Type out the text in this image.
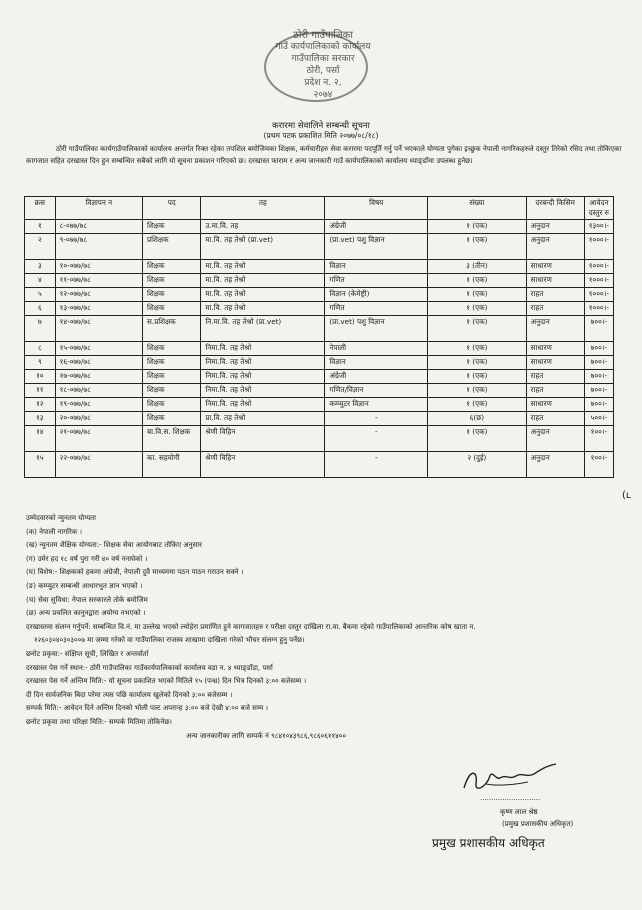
ठोरी गाउँपालिका
गाउँ कार्यपालिकाको कार्यालय
गाउँपालिका सरकार
ठोरी, पर्सा
प्रदेश न. २,
२०७४
करारमा सेवालिने सम्बन्धी सूचना
(प्रथम पटक प्रकाशित मिति २०७७/०८/१८)
ठोरी गाउँपालिका कार्यगाउँपालिकाको कार्यालय अन्तर्गत रिक्त रहेका तपशिल बमोजिमका शिक्षक, कर्मचारीहरु सेवा करारमा पदपूर्ति गर्नु पर्ने भएकाले योग्यता पुगेका इच्छुक नेपाली नागरिकहरुले दस्तुर तिरेको रसिद तथा तोकिएका कागजात सहित दरखास्त दिन हुन सम्बन्धित सबैको लागि यो सूचना प्रकाशन गरिएको छ। दरखास्त फाराम र अन्य जानकारी गाउँ कार्यपालिकाको कार्यालय ध्याङ्डाँमा उपलब्ध हुनेछ।
क्रस	विज्ञापन न	पद	तह	विषय	संख्या	दरबन्दी किसिम	आवेदन दस्तुर रु
१	८-०७७/७८	शिक्षक	उ.मा.वि. तह	अंग्रेजी	१ (एक)	अनुदान	१३००।-
२	९-०७७/७८	प्रशिक्षक	मा.वि. तह तेश्रो (प्रा.vet)	(प्रा.vet) पशु विज्ञान	१ (एक)	अनुदान	१०००।-
३	१०-०७७/७८	शिक्षक	मा.वि. तह तेश्रो	विज्ञान	३ (तीन)	साधारण	१०००।-
४	११-०७७/७८	शिक्षक	मा.वि. तह तेश्रो	गणित	१ (एक)	साधारण	१०००।-
५	१२-०७७/७८	शिक्षक	मा.वि. तह तेश्रो	विज्ञान (केमेष्ट्री)	१ (एक)	राहत	१०००।-
६	१३-०७७/७८	शिक्षक	मा.वि. तह तेश्रो	गणित	१ (एक)	राहत	१०००।-
७	१४-०७७/७८	स.प्रशिक्षक	नि.मा.वि. तह तेश्रो (प्रा.vet)	(प्रा.vet) पशु विज्ञान	१ (एक)	अनुदान	७००।-
८	१५-०७७/७८	शिक्षक	निमा.वि. तह तेश्रो	नेपाली	१ (एक)	साधारण	७००।-
९	१६-०७७/७८	शिक्षक	निमा.वि. तह तेश्रो	विज्ञान	१ (एक)	साधारण	७००।-
१०	१७-०७७/७८	शिक्षक	निमा.वि. तह तेश्रो	अंग्रेजी	१ (एक)	राहत	७००।-
११	१८-०७७/७८	शिक्षक	निमा.वि. तह तेश्रो	गणित/विज्ञान	१ (एक)	राहत	७००।-
१२	१९-०७७/७८	शिक्षक	निमा.वि. तह तेश्रो	कम्प्युटर विज्ञान	१ (एक)	साधारण	७००।-
१३	२०-०७७/७८	शिक्षक	प्रा.वि. तह तेश्रो	-	६(छ)	राहत	५००।-
१४	२१-०७७/७८	बा.वि.स. शिक्षक	श्रेणी विहिन	-	१ (एक)	अनुदान	१००।-
१५	२२-०७७/७८	का. सहयोगी	श्रेणी विहिन	-	२ (दुई)	अनुदान	१००।-
उम्मेदवारको न्युनतम योग्यता
(क) नेपाली नागरिक ।
(ख) न्युनतम शैक्षिक योग्यता:- शिक्षक सेवा आयोगबाट तोकिए अनुसार
(ग) उमेर हद १८ वर्ष पुरा गरी ४० वर्ष ननाघेको ।
(घ) विशेष:- शिक्षकको हकमा अंग्रेजी, नेपाली दुवै माध्यममा पठन पाठन गराउन सक्ने ।
(ङ) कम्प्युटर सम्बन्धी आधारभुत ज्ञान भएको ।
(च) सेवा सुविधा: नेपाल सरकारले तोके बमोजिम
(छ) अन्य प्रचलित कानुनद्वारा अयोग्य नभएको ।
दरखास्तमा संलग्न गर्नुपर्ने: सम्बन्धित वि.नं. मा उल्लेख भएको ल्योहेरा प्रमाणित हुने कागजातहरु र परीक्षा दस्तुर दाखिला रा.वा. बैंकमा रहेको गाउँपालिकाको आन्तरिक कोष खाता न.
१२६०३०४०३०३००७ मा जम्मा गरेको वा गाउँपालिका राजस्व शाखामा दाखिला गरेको भौचर संलग्न हुनु पर्नेछ।
छनोट प्रकृया:- संक्षिप्त सूची, लिखित र अन्तर्वार्ता
दरखास्त पेस गर्ने स्थान:- ठोरी गाउँपालिका गाउँकार्यपालिकाको कार्यालय वडा न. ४ ध्याङ्डाँडा, पर्सा
दरखास्त पेस गर्ने अन्तिम मिति:- यो सूचना प्रकाशित भएको मितिले १५ (पन्ध्र) दिन भित्र दिनको ३:०० बजेसम्म ।
दी दिन सार्वजनिक बिदा परेमा त्यस पछि कार्यालय खुलेको दिनको ३:०० बजेसम्म ।
सम्पर्क मिति:- आवेदन दिने अन्तिम दिनको भोली पल्ट अपरान्ह ३:०० बजे देखी ४:०० बजे सम्म ।
छनोट प्रकृया तथा परिक्षा मिति:- सम्पर्क मितिमा तोकिनेछ।
अन्य जानकारीका लागि सम्पर्क नं ९८४१०४३९८६,९८६०६११४००
...........................
कृष्ण लाल श्रेष्ठ
(प्रमुख प्रशासकीय अधिकृत)
प्रमुख प्रशासकीय अधिकृत
(ʟ
